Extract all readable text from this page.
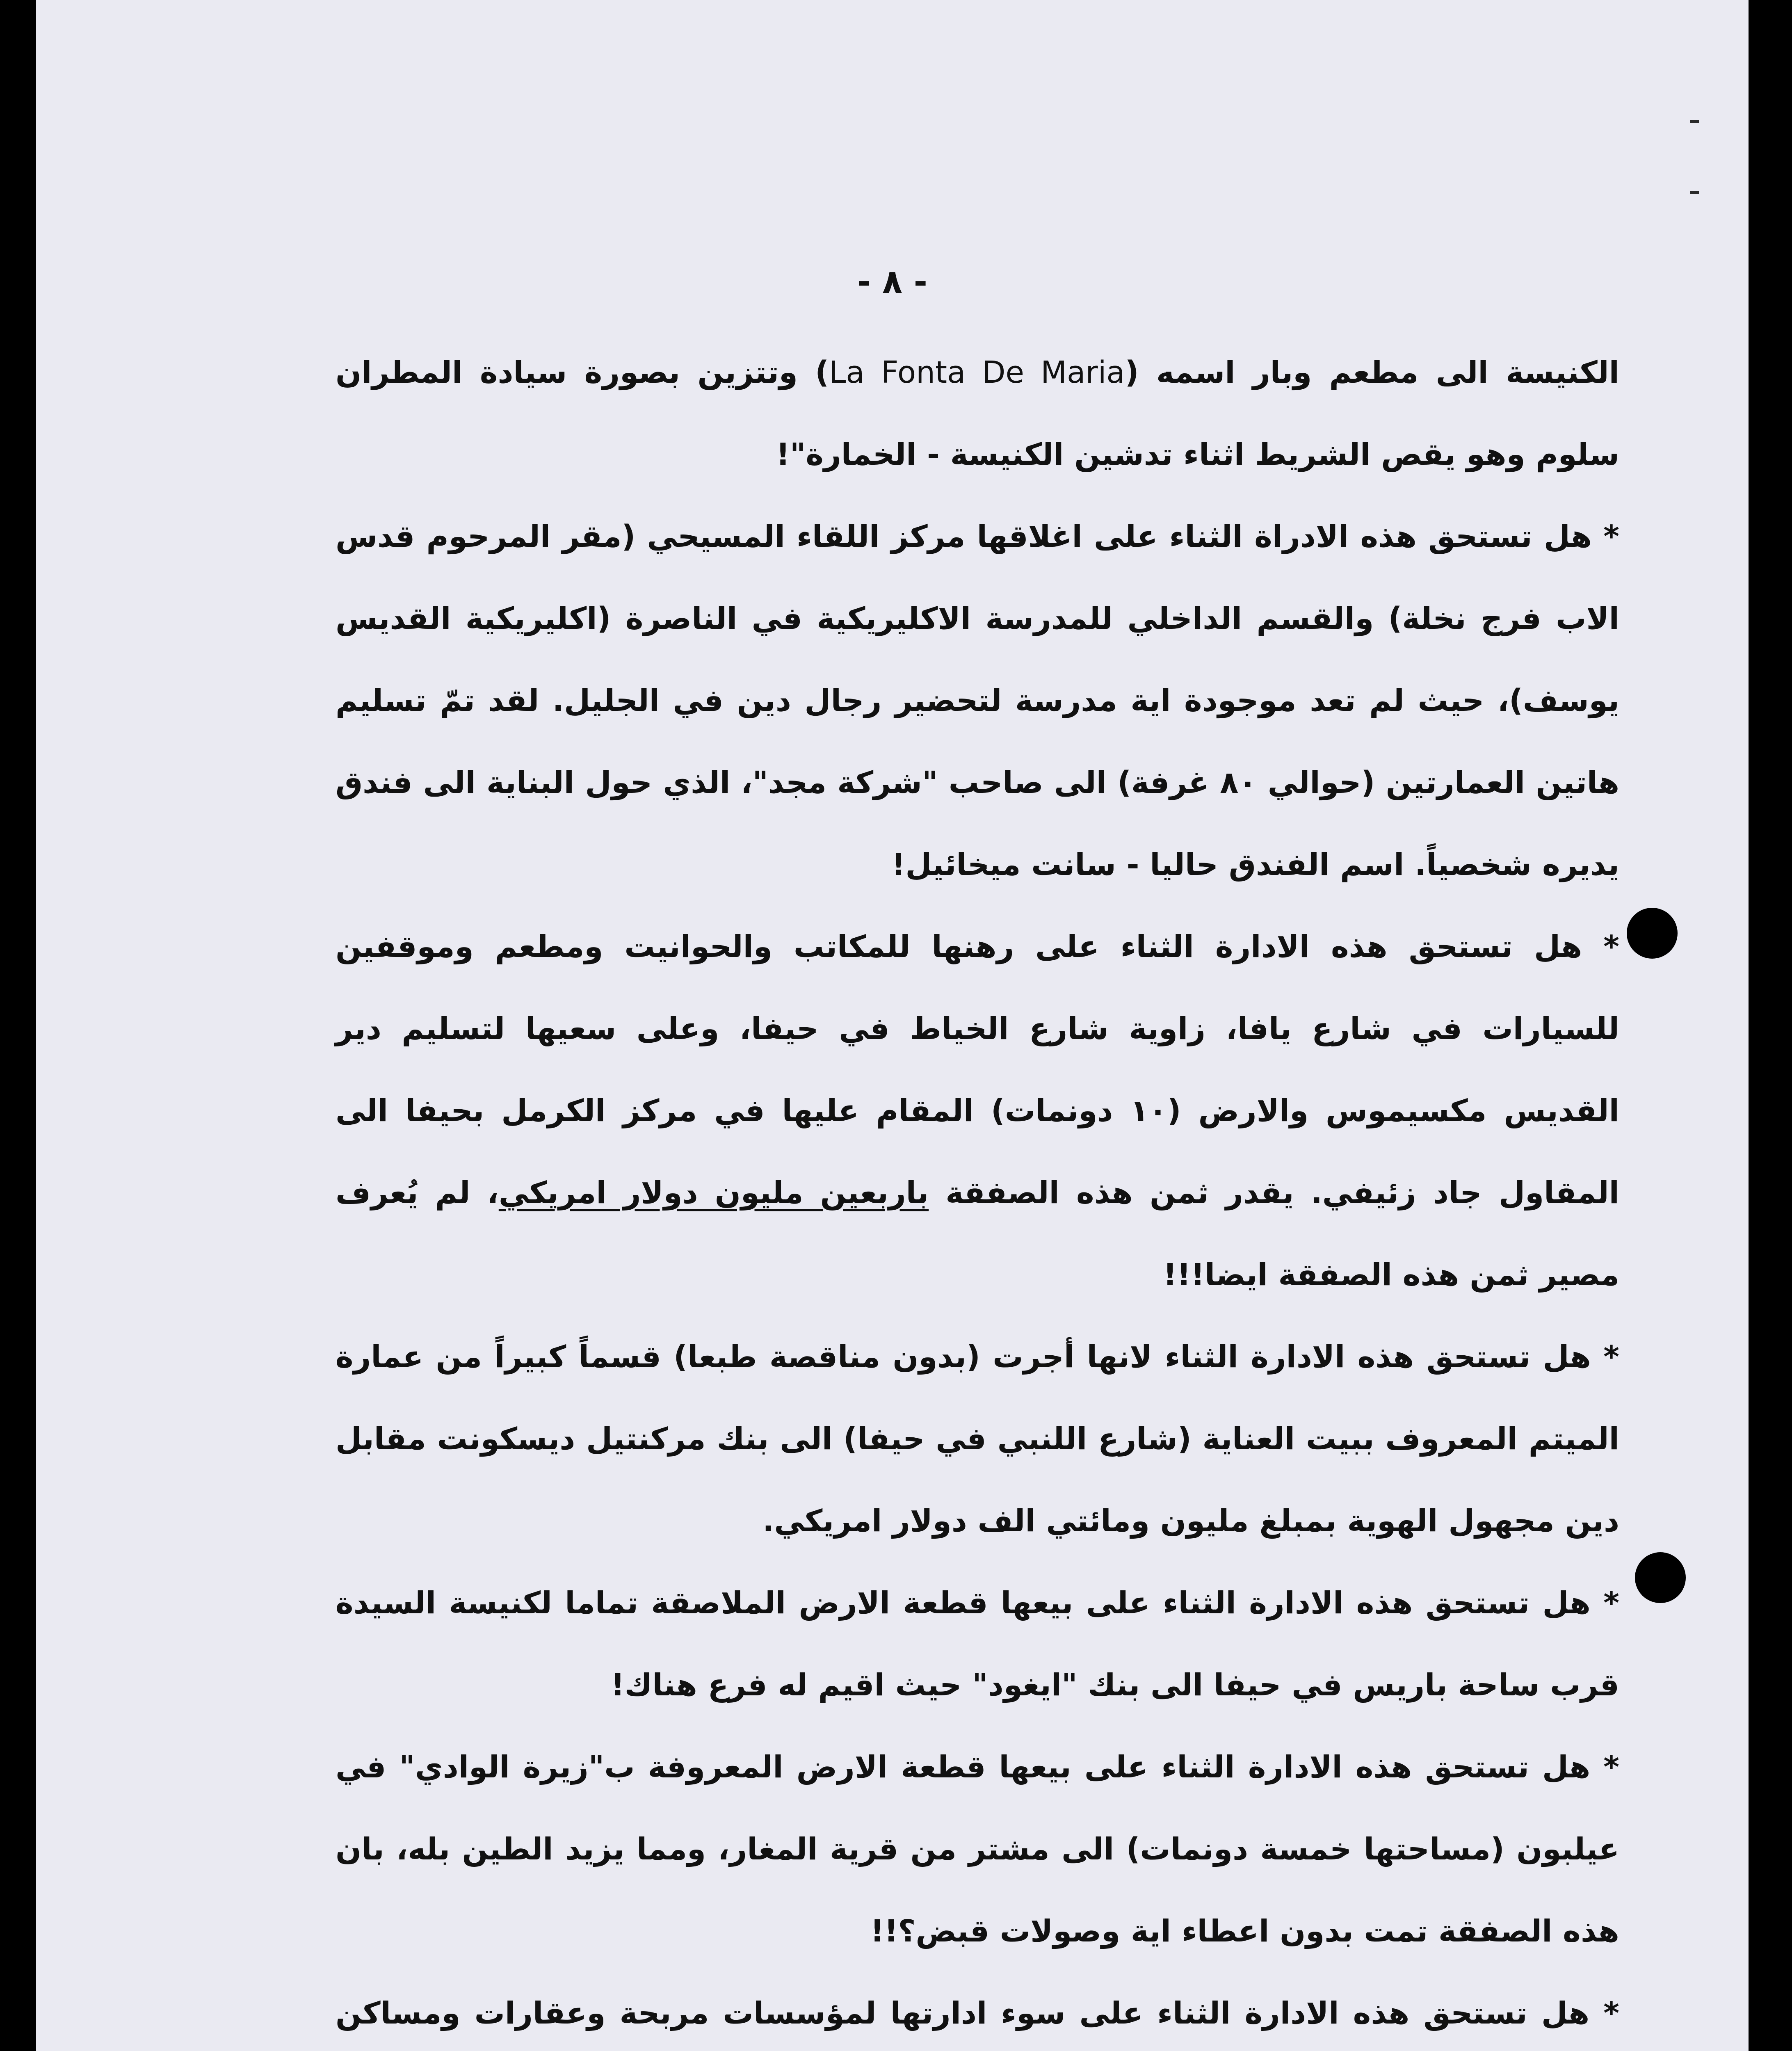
- ٨ -

الكنيسة الى مطعم وبار اسمه (La Fonta De Maria) وتتزين بصورة سيادة المطران سلوم وهو يقص الشريط اثناء تدشين الكنيسة - الخمارة"!

* هل تستحق هذه الادراة الثناء على اغلاقها مركز اللقاء المسيحي (مقر المرحوم قدس الاب فرج نخلة) والقسم الداخلي للمدرسة الاكليريكية في الناصرة (اكليريكية القديس يوسف)، حيث لم تعد موجودة اية مدرسة لتحضير رجال دين في الجليل. لقد تمّ تسليم هاتين العمارتين (حوالي ٨٠ غرفة) الى صاحب "شركة مجد"، الذي حول البناية الى فندق يديره شخصياً. اسم الفندق حاليا - سانت ميخائيل!

* هل تستحق هذه الادارة الثناء على رهنها للمكاتب والحوانيت ومطعم وموقفين للسيارات في شارع يافا، زاوية شارع الخياط في حيفا، وعلى سعيها لتسليم دير القديس مكسيموس والارض (١٠ دونمات) المقام عليها في مركز الكرمل بحيفا الى المقاول جاد زئيفي. يقدر ثمن هذه الصفقة باربعين مليون دولار امريكي، لم يُعرف مصير ثمن هذه الصفقة ايضا!!!

* هل تستحق هذه الادارة الثناء لانها أجرت (بدون مناقصة طبعا) قسماً كبيراً من عمارة الميتم المعروف ببيت العناية (شارع اللنبي في حيفا) الى بنك مركنتيل ديسكونت مقابل دين مجهول الهوية بمبلغ مليون ومائتي الف دولار امريكي.

* هل تستحق هذه الادارة الثناء على بيعها قطعة الارض الملاصقة تماما لكنيسة السيدة قرب ساحة باريس في حيفا الى بنك "ايغود" حيث اقيم له فرع هناك!

* هل تستحق هذه الادارة الثناء على بيعها قطعة الارض المعروفة ب"زيرة الوادي" في عيلبون (مساحتها خمسة دونمات) الى مشتر من قرية المغار، ومما يزيد الطين بله، بان هذه الصفقة تمت بدون اعطاء اية وصولات قبض؟!!

* هل تستحق هذه الادارة الثناء على سوء ادارتها لمؤسسات مربحة وعقارات ومساكن
